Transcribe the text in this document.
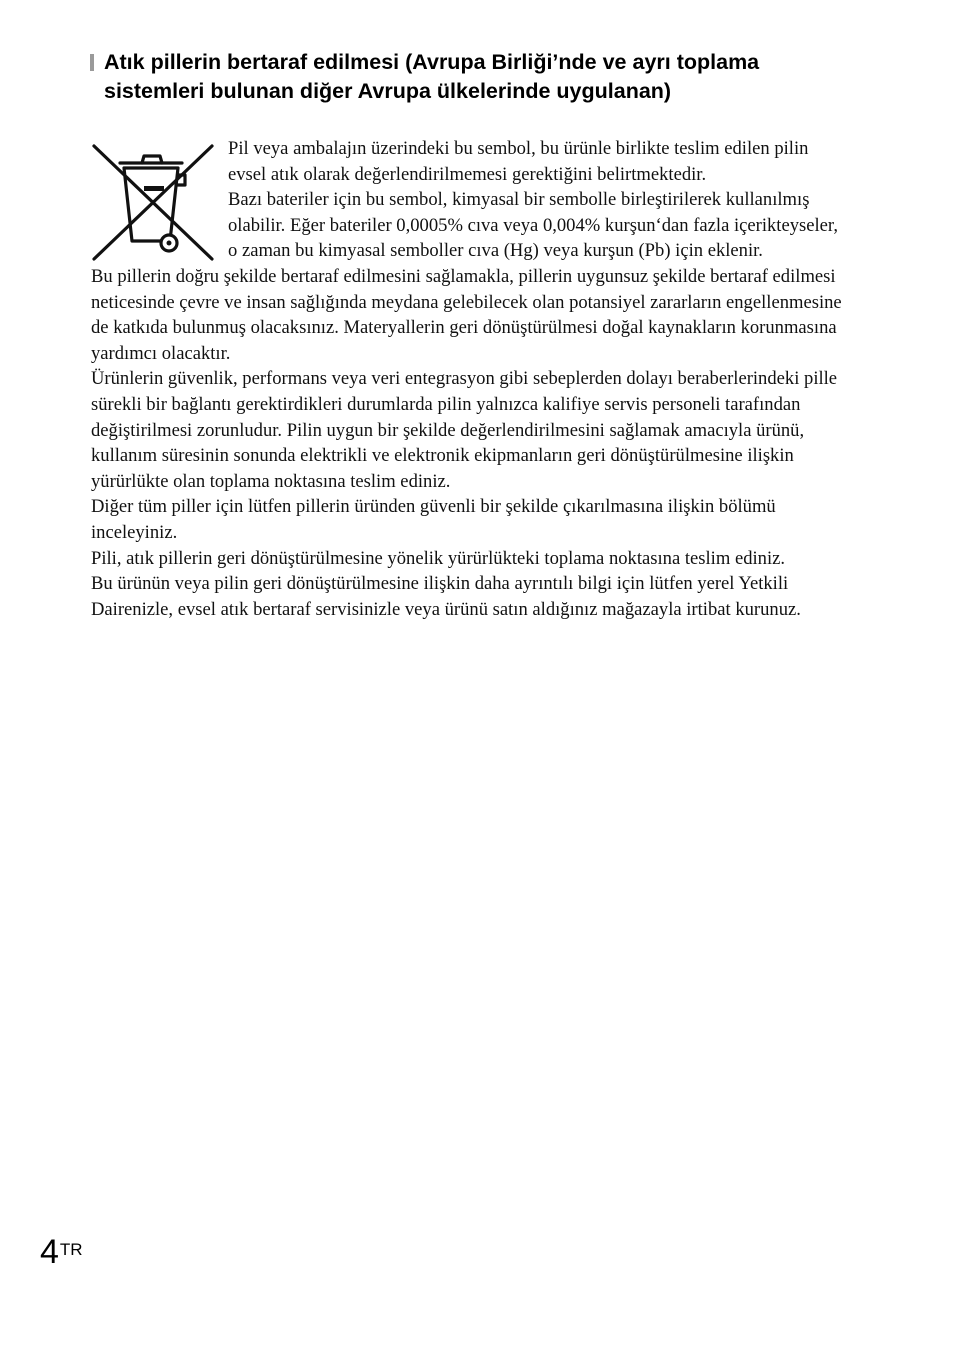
Atık pillerin bertaraf edilmesi (Avrupa Birliği’nde ve ayrı toplama sistemleri bulunan diğer Avrupa ülkelerinde uygulanan)

Pil veya ambalajın üzerindeki bu sembol, bu ürünle birlikte teslim edilen pilin evsel atık olarak değerlendirilmemesi gerektiğini belirtmektedir.

Bazı bateriler için bu sembol, kimyasal bir sembolle birleştirilerek kullanılmış olabilir. Eğer bateriler 0,0005% cıva veya 0,004% kurşun‘dan fazla içerikteyseler, o zaman bu kimyasal semboller cıva (Hg) veya kurşun (Pb) için eklenir.

Bu pillerin doğru şekilde bertaraf edilmesini sağlamakla, pillerin uygunsuz şekilde bertaraf edilmesi neticesinde çevre ve insan sağlığında meydana gelebilecek olan potansiyel zararların engellenmesine de katkıda bulunmuş olacaksınız. Materyallerin geri dönüştürülmesi doğal kaynakların korunmasına yardımcı olacaktır.

Ürünlerin güvenlik, performans veya veri entegrasyon gibi sebeplerden dolayı beraberlerindeki pille sürekli bir bağlantı gerektirdikleri durumlarda pilin yalnızca kalifiye servis personeli tarafından değiştirilmesi zorunludur. Pilin uygun bir şekilde değerlendirilmesini sağlamak amacıyla ürünü, kullanım süresinin sonunda elektrikli ve elektronik ekipmanların geri dönüştürülmesine ilişkin yürürlükte olan toplama noktasına teslim ediniz.

Diğer tüm piller için lütfen pillerin üründen güvenli bir şekilde çıkarılmasına ilişkin bölümü inceleyiniz.

Pili, atık pillerin geri dönüştürülmesine yönelik yürürlükteki toplama noktasına teslim ediniz.

Bu ürünün veya pilin geri dönüştürülmesine ilişkin daha ayrıntılı bilgi için lütfen yerel Yetkili Dairenizle, evsel atık bertaraf servisinizle veya ürünü satın aldığınız mağazayla irtibat kurunuz.

4TR
